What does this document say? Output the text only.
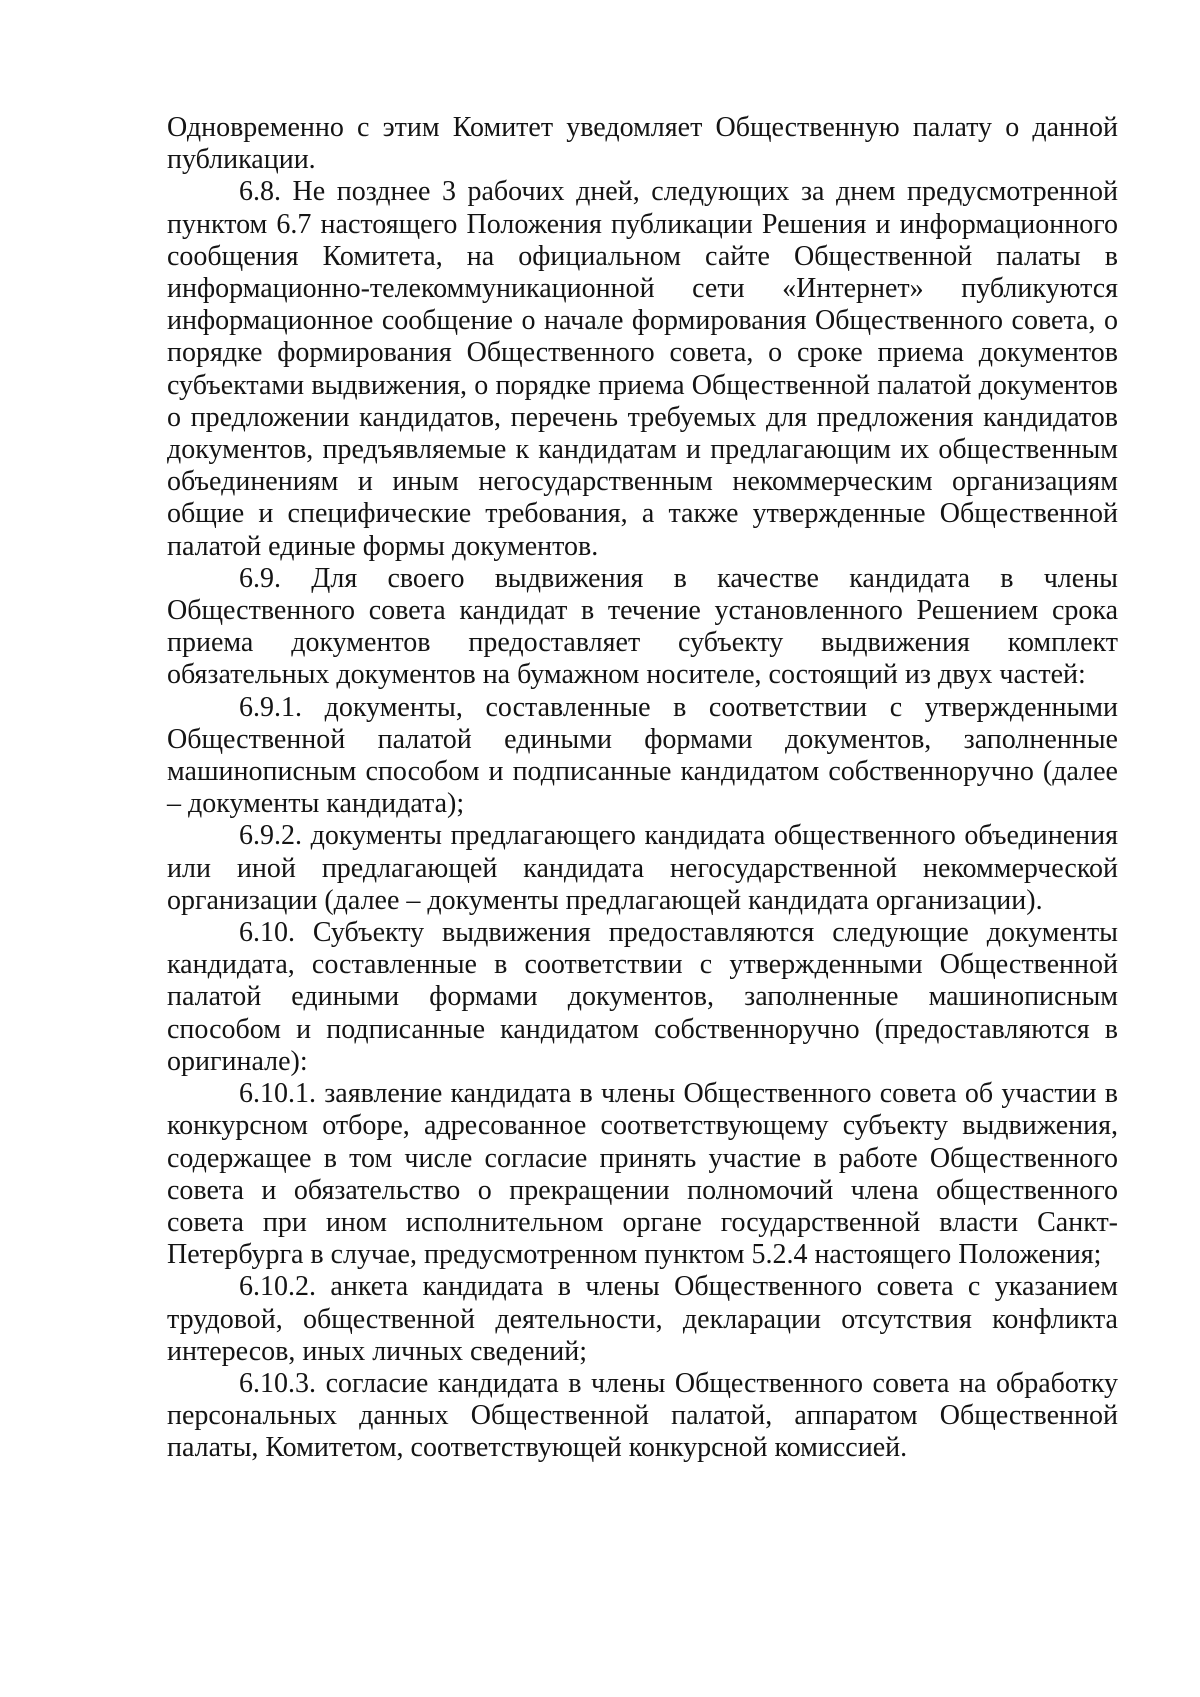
Одновременно с этим Комитет уведомляет Общественную палату о данной публикации.

6.8. Не позднее 3 рабочих дней, следующих за днем предусмотренной пунктом 6.7 настоящего Положения публикации Решения и информационного сообщения Комитета, на официальном сайте Общественной палаты в информационно-телекоммуникационной сети «Интернет» публикуются информационное сообщение о начале формирования Общественного совета, о порядке формирования Общественного совета, о сроке приема документов субъектами выдвижения, о порядке приема Общественной палатой документов о предложении кандидатов, перечень требуемых для предложения кандидатов документов, предъявляемые к кандидатам и предлагающим их общественным объединениям и иным негосударственным некоммерческим организациям общие и специфические требования, а также утвержденные Общественной палатой единые формы документов.

6.9. Для своего выдвижения в качестве кандидата в члены Общественного совета кандидат в течение установленного Решением срока приема документов предоставляет субъекту выдвижения комплект обязательных документов на бумажном носителе, состоящий из двух частей:

6.9.1. документы, составленные в соответствии с утвержденными Общественной палатой едиными формами документов, заполненные машинописным способом и подписанные кандидатом собственноручно (далее – документы кандидата);

6.9.2. документы предлагающего кандидата общественного объединения или иной предлагающей кандидата негосударственной некоммерческой организации (далее – документы предлагающей кандидата организации).

6.10. Субъекту выдвижения предоставляются следующие документы кандидата, составленные в соответствии с утвержденными Общественной палатой едиными формами документов, заполненные машинописным способом и подписанные кандидатом собственноручно (предоставляются в оригинале):

6.10.1. заявление кандидата в члены Общественного совета об участии в конкурсном отборе, адресованное соответствующему субъекту выдвижения, содержащее в том числе согласие принять участие в работе Общественного совета и обязательство о прекращении полномочий члена общественного совета при ином исполнительном органе государственной власти Санкт-Петербурга в случае, предусмотренном пунктом 5.2.4 настоящего Положения;

6.10.2. анкета кандидата в члены Общественного совета с указанием трудовой, общественной деятельности, декларации отсутствия конфликта интересов, иных личных сведений;

6.10.3. согласие кандидата в члены Общественного совета на обработку персональных данных Общественной палатой, аппаратом Общественной палаты, Комитетом, соответствующей конкурсной комиссией.
